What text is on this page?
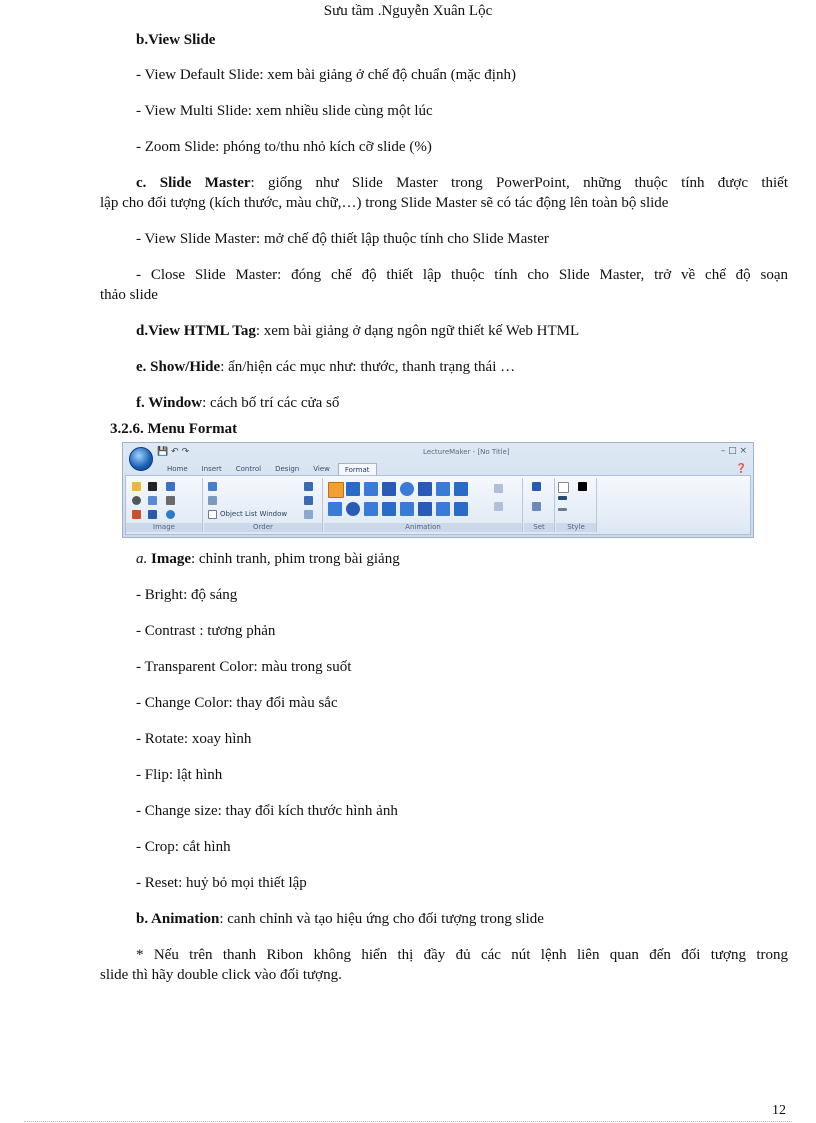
Sưu tầm .Nguyễn Xuân Lộc
b.View Slide
- View Default Slide: xem bài giảng ở chế độ chuẩn (mặc định)
- View Multi Slide: xem nhiều slide cùng một lúc
- Zoom Slide: phóng to/thu nhỏ kích cỡ slide (%)
c. Slide Master: giống như Slide Master trong PowerPoint, những thuộc tính được thiết
lập cho đối tượng (kích thước, màu chữ,…) trong Slide Master sẽ có tác động lên toàn bộ slide
- View Slide Master: mở chế độ thiết lập thuộc tính cho Slide Master
- Close Slide Master: đóng chế độ thiết lập thuộc tính cho Slide Master, trở về chế độ soạn
thảo slide
d.View HTML Tag: xem bài giảng ở dạng ngôn ngữ thiết kế Web HTML
e. Show/Hide: ẩn/hiện các mục như: thước, thanh trạng thái …
f. Window: cách bố trí các cửa sổ
3.2.6. Menu Format
💾 ↶ ↷	LectureMaker - [No Title]	– □ ×
Home	Insert	Control	Design	View	Format	❓
Image
Object List Window
Order	Animation	Set	Style
a. Image: chỉnh tranh, phim trong bài giảng
- Bright: độ sáng
- Contrast : tương phản
- Transparent Color: màu trong suốt
- Change Color: thay đổi màu sắc
- Rotate: xoay hình
- Flip: lật hình
- Change size: thay đổi kích thước hình ảnh
- Crop: cắt hình
- Reset: huỷ bỏ mọi thiết lập
b. Animation: canh chỉnh và tạo hiệu ứng cho đối tượng trong slide
* Nếu trên thanh Ribon không hiển thị đầy đủ các nút lệnh liên quan đến đối tượng trong
slide thì hãy double click vào đối tượng.
12
